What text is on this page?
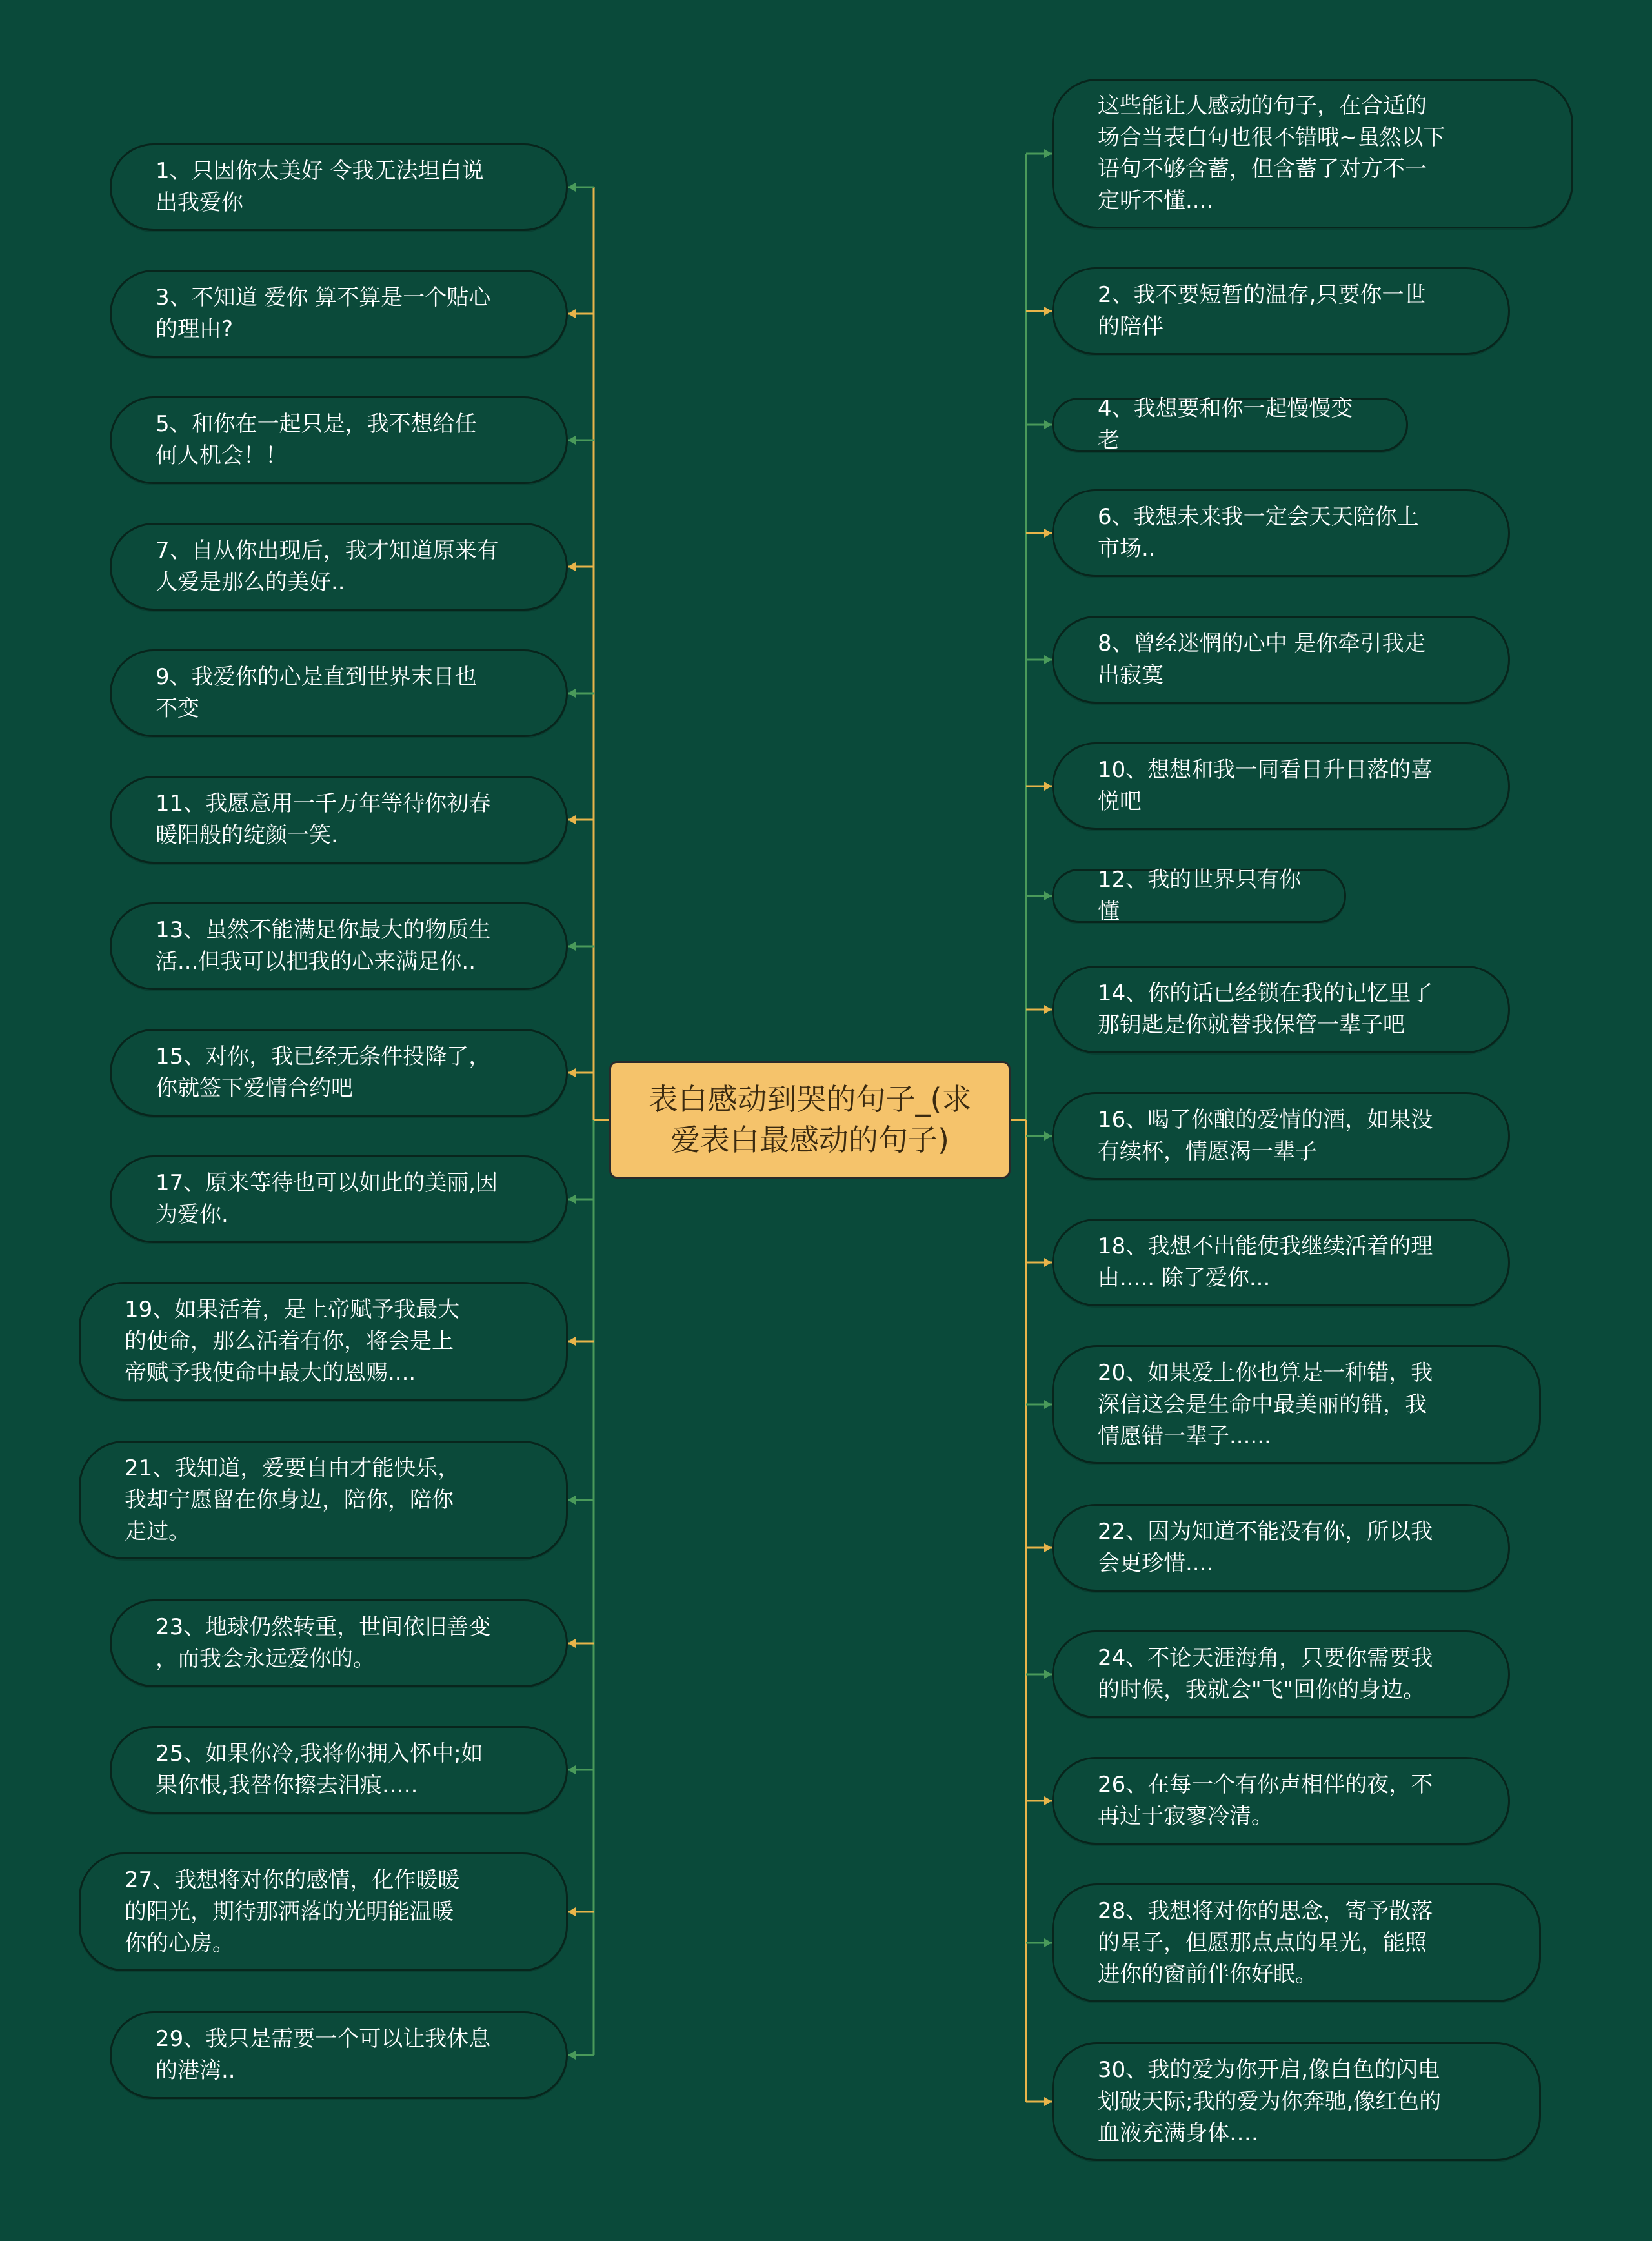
表白感动到哭的句子_(求
爱表白最感动的句子)
1、只因你太美好 令我无法坦白说
出我爱你
3、不知道 爱你 算不算是一个贴心
的理由?
5、和你在一起只是，我不想给任
何人机会！！
7、自从你出现后，我才知道原来有
人爱是那么的美好..
9、我爱你的心是直到世界末日也
不变
11、我愿意用一千万年等待你初春
暖阳般的绽颜一笑.
13、虽然不能满足你最大的物质生
活...但我可以把我的心来满足你..
15、对你，我已经无条件投降了，
你就签下爱情合约吧
17、原来等待也可以如此的美丽,因
为爱你.
19、如果活着，是上帝赋予我最大
的使命，那么活着有你，将会是上
帝赋予我使命中最大的恩赐....
21、我知道，爱要自由才能快乐，
我却宁愿留在你身边，陪你，陪你
走过。
23、地球仍然转重，世间依旧善变
，而我会永远爱你的。
25、如果你冷,我将你拥入怀中;如
果你恨,我替你擦去泪痕…..
27、我想将对你的感情，化作暖暖
的阳光，期待那洒落的光明能温暖
你的心房。
29、我只是需要一个可以让我休息
的港湾..
这些能让人感动的句子，在合适的
场合当表白句也很不错哦~虽然以下
语句不够含蓄，但含蓄了对方不一
定听不懂....
2、我不要短暂的温存,只要你一世
的陪伴
4、我想要和你一起慢慢变老
6、我想未来我一定会天天陪你上
市场..
8、曾经迷惘的心中 是你牵引我走
出寂寞
10、想想和我一同看日升日落的喜
悦吧
12、我的世界只有你懂
14、你的话已经锁在我的记忆里了
那钥匙是你就替我保管一辈子吧
16、喝了你酿的爱情的酒，如果没
有续杯，情愿渴一辈子
18、我想不出能使我继续活着的理
由..... 除了爱你...
20、如果爱上你也算是一种错，我
深信这会是生命中最美丽的错，我
情愿错一辈子......
22、因为知道不能没有你，所以我
会更珍惜....
24、不论天涯海角，只要你需要我
的时候，我就会"飞"回你的身边。
26、在每一个有你声相伴的夜，不
再过于寂寥冷清。
28、我想将对你的思念，寄予散落
的星子，但愿那点点的星光，能照
进你的窗前伴你好眠。
30、我的爱为你开启,像白色的闪电
划破天际;我的爱为你奔驰,像红色的
血液充满身体….
